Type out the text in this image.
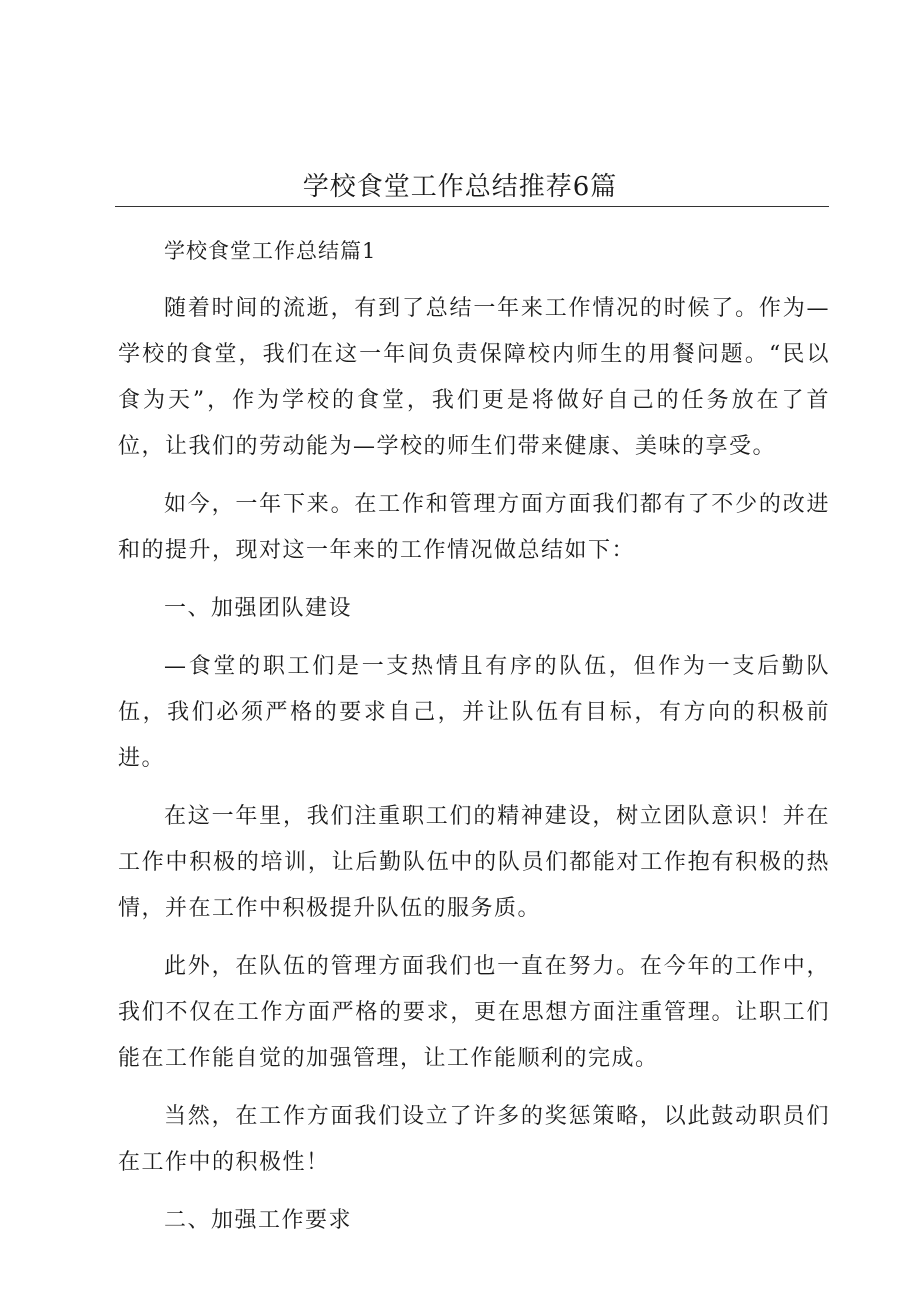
学校食堂工作总结推荐6篇
学校食堂工作总结篇1

随着时间的流逝，有到了总结一年来工作情况的时候了。作为—学校的食堂，我们在这一年间负责保障校内师生的用餐问题。“民以食为天”，作为学校的食堂，我们更是将做好自己的任务放在了首位，让我们的劳动能为—学校的师生们带来健康、美味的享受。

如今，一年下来。在工作和管理方面方面我们都有了不少的改进和的提升，现对这一年来的工作情况做总结如下：

一、加强团队建设

—食堂的职工们是一支热情且有序的队伍，但作为一支后勤队伍，我们必须严格的要求自己，并让队伍有目标，有方向的积极前进。

在这一年里，我们注重职工们的精神建设，树立团队意识！并在工作中积极的培训，让后勤队伍中的队员们都能对工作抱有积极的热情，并在工作中积极提升队伍的服务质。

此外，在队伍的管理方面我们也一直在努力。在今年的工作中，我们不仅在工作方面严格的要求，更在思想方面注重管理。让职工们能在工作能自觉的加强管理，让工作能顺利的完成。

当然，在工作方面我们设立了许多的奖惩策略，以此鼓动职员们在工作中的积极性！

二、加强工作要求
